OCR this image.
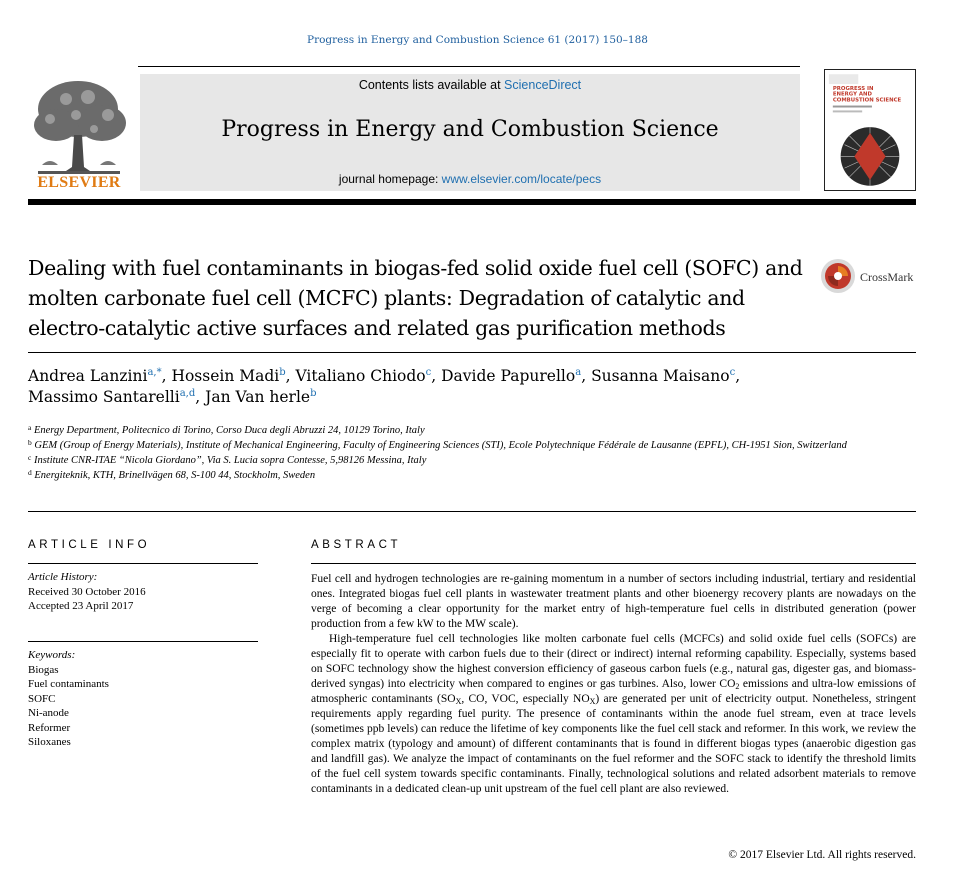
Progress in Energy and Combustion Science 61 (2017) 150–188
ELSEVIER
Contents lists available at ScienceDirect
Progress in Energy and Combustion Science
journal homepage: www.elsevier.com/locate/pecs
PROGRESS IN
ENERGY AND
COMBUSTION SCIENCE
Dealing with fuel contaminants in biogas-fed solid oxide fuel cell (SOFC) and molten carbonate fuel cell (MCFC) plants: Degradation of catalytic and electro-catalytic active surfaces and related gas purification methods
CrossMark
Andrea Lanzini$^{a,*}$, Hossein Madi$^b$, Vitaliano Chiodo$^c$, Davide Papurello$^a$, Susanna Maisano$^c$,
Massimo Santarelli$^{a,d}$, Jan Van herle$^b$
$^a$ Energy Department, Politecnico di Torino, Corso Duca degli Abruzzi 24, 10129 Torino, Italy
$^b$ GEM (Group of Energy Materials), Institute of Mechanical Engineering, Faculty of Engineering Sciences (STI), Ecole Polytechnique Fédérale de Lausanne (EPFL), CH-1951 Sion, Switzerland
$^c$ Institute CNR-ITAE “Nicola Giordano”, Via S. Lucia sopra Contesse, 5,98126 Messina, Italy
$^d$ Energiteknik, KTH, Brinellvägen 68, S-100 44, Stockholm, Sweden
ARTICLE INFO	ABSTRACT
Article History:
Received 30 October 2016
Accepted 23 April 2017
Keywords:
Biogas
Fuel contaminants
SOFC
Ni-anode
Reformer
Siloxanes

Fuel cell and hydrogen technologies are re-gaining momentum in a number of sectors including industrial, tertiary and residential ones. Integrated biogas fuel cell plants in wastewater treatment plants and other bioenergy recovery plants are nowadays on the verge of becoming a clear opportunity for the market entry of high-temperature fuel cells in distributed generation (power production from a few kW to the MW scale).

High-temperature fuel cell technologies like molten carbonate fuel cells (MCFCs) and solid oxide fuel cells (SOFCs) are especially fit to operate with carbon fuels due to their (direct or indirect) internal reforming capability. Especially, systems based on SOFC technology show the highest conversion efficiency of gaseous carbon fuels (e.g., natural gas, digester gas, and biomass-derived syngas) into electricity when compared to engines or gas turbines. Also, lower $CO_2$ emissions and ultra-low emissions of atmospheric contaminants ($SO_X$, CO, VOC, especially $NO_X$) are generated per unit of electricity output. Nonetheless, stringent requirements apply regarding fuel purity. The presence of contaminants within the anode fuel stream, even at trace levels (sometimes ppb levels) can reduce the lifetime of key components like the fuel cell stack and reformer. In this work, we review the complex matrix (typology and amount) of different contaminants that is found in different biogas types (anaerobic digestion gas and landfill gas). We analyze the impact of contaminants on the fuel reformer and the SOFC stack to identify the threshold limits of the fuel cell system towards specific contaminants. Finally, technological solutions and related adsorbent materials to remove contaminants in a dedicated clean-up unit upstream of the fuel cell plant are also reviewed.

© 2017 Elsevier Ltd. All rights reserved.
